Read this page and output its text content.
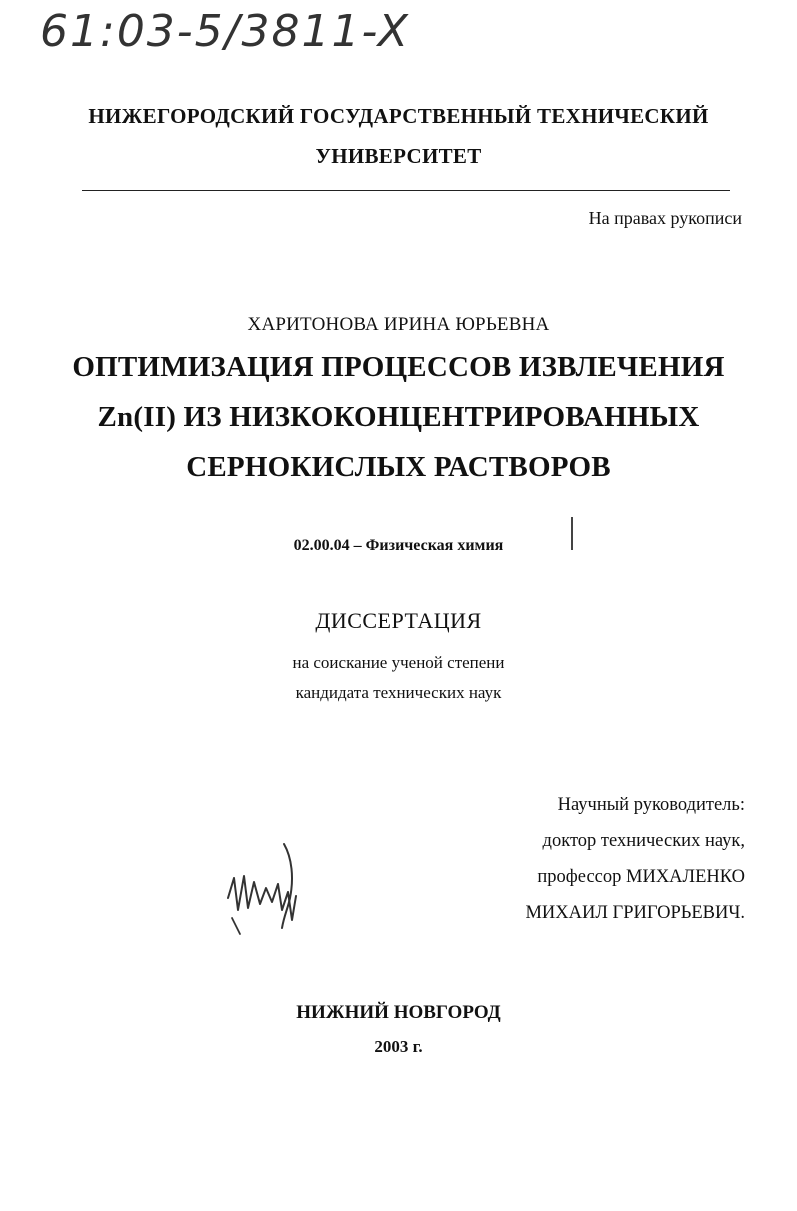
61:03-5/3811-X
НИЖЕГОРОДСКИЙ ГОСУДАРСТВЕННЫЙ ТЕХНИЧЕСКИЙ
УНИВЕРСИТЕТ
На правах рукописи
ХАРИТОНОВА ИРИНА ЮРЬЕВНА
ОПТИМИЗАЦИЯ ПРОЦЕССОВ ИЗВЛЕЧЕНИЯ
Zn(II) ИЗ НИЗКОКОНЦЕНТРИРОВАННЫХ
СЕРНОКИСЛЫХ РАСТВОРОВ
02.00.04 – Физическая химия
ДИССЕРТАЦИЯ
на соискание ученой степени
кандидата технических наук
Научный руководитель:
доктор технических наук,
профессор МИХАЛЕНКО
МИХАИЛ ГРИГОРЬЕВИЧ.
НИЖНИЙ НОВГОРОД
2003 г.
